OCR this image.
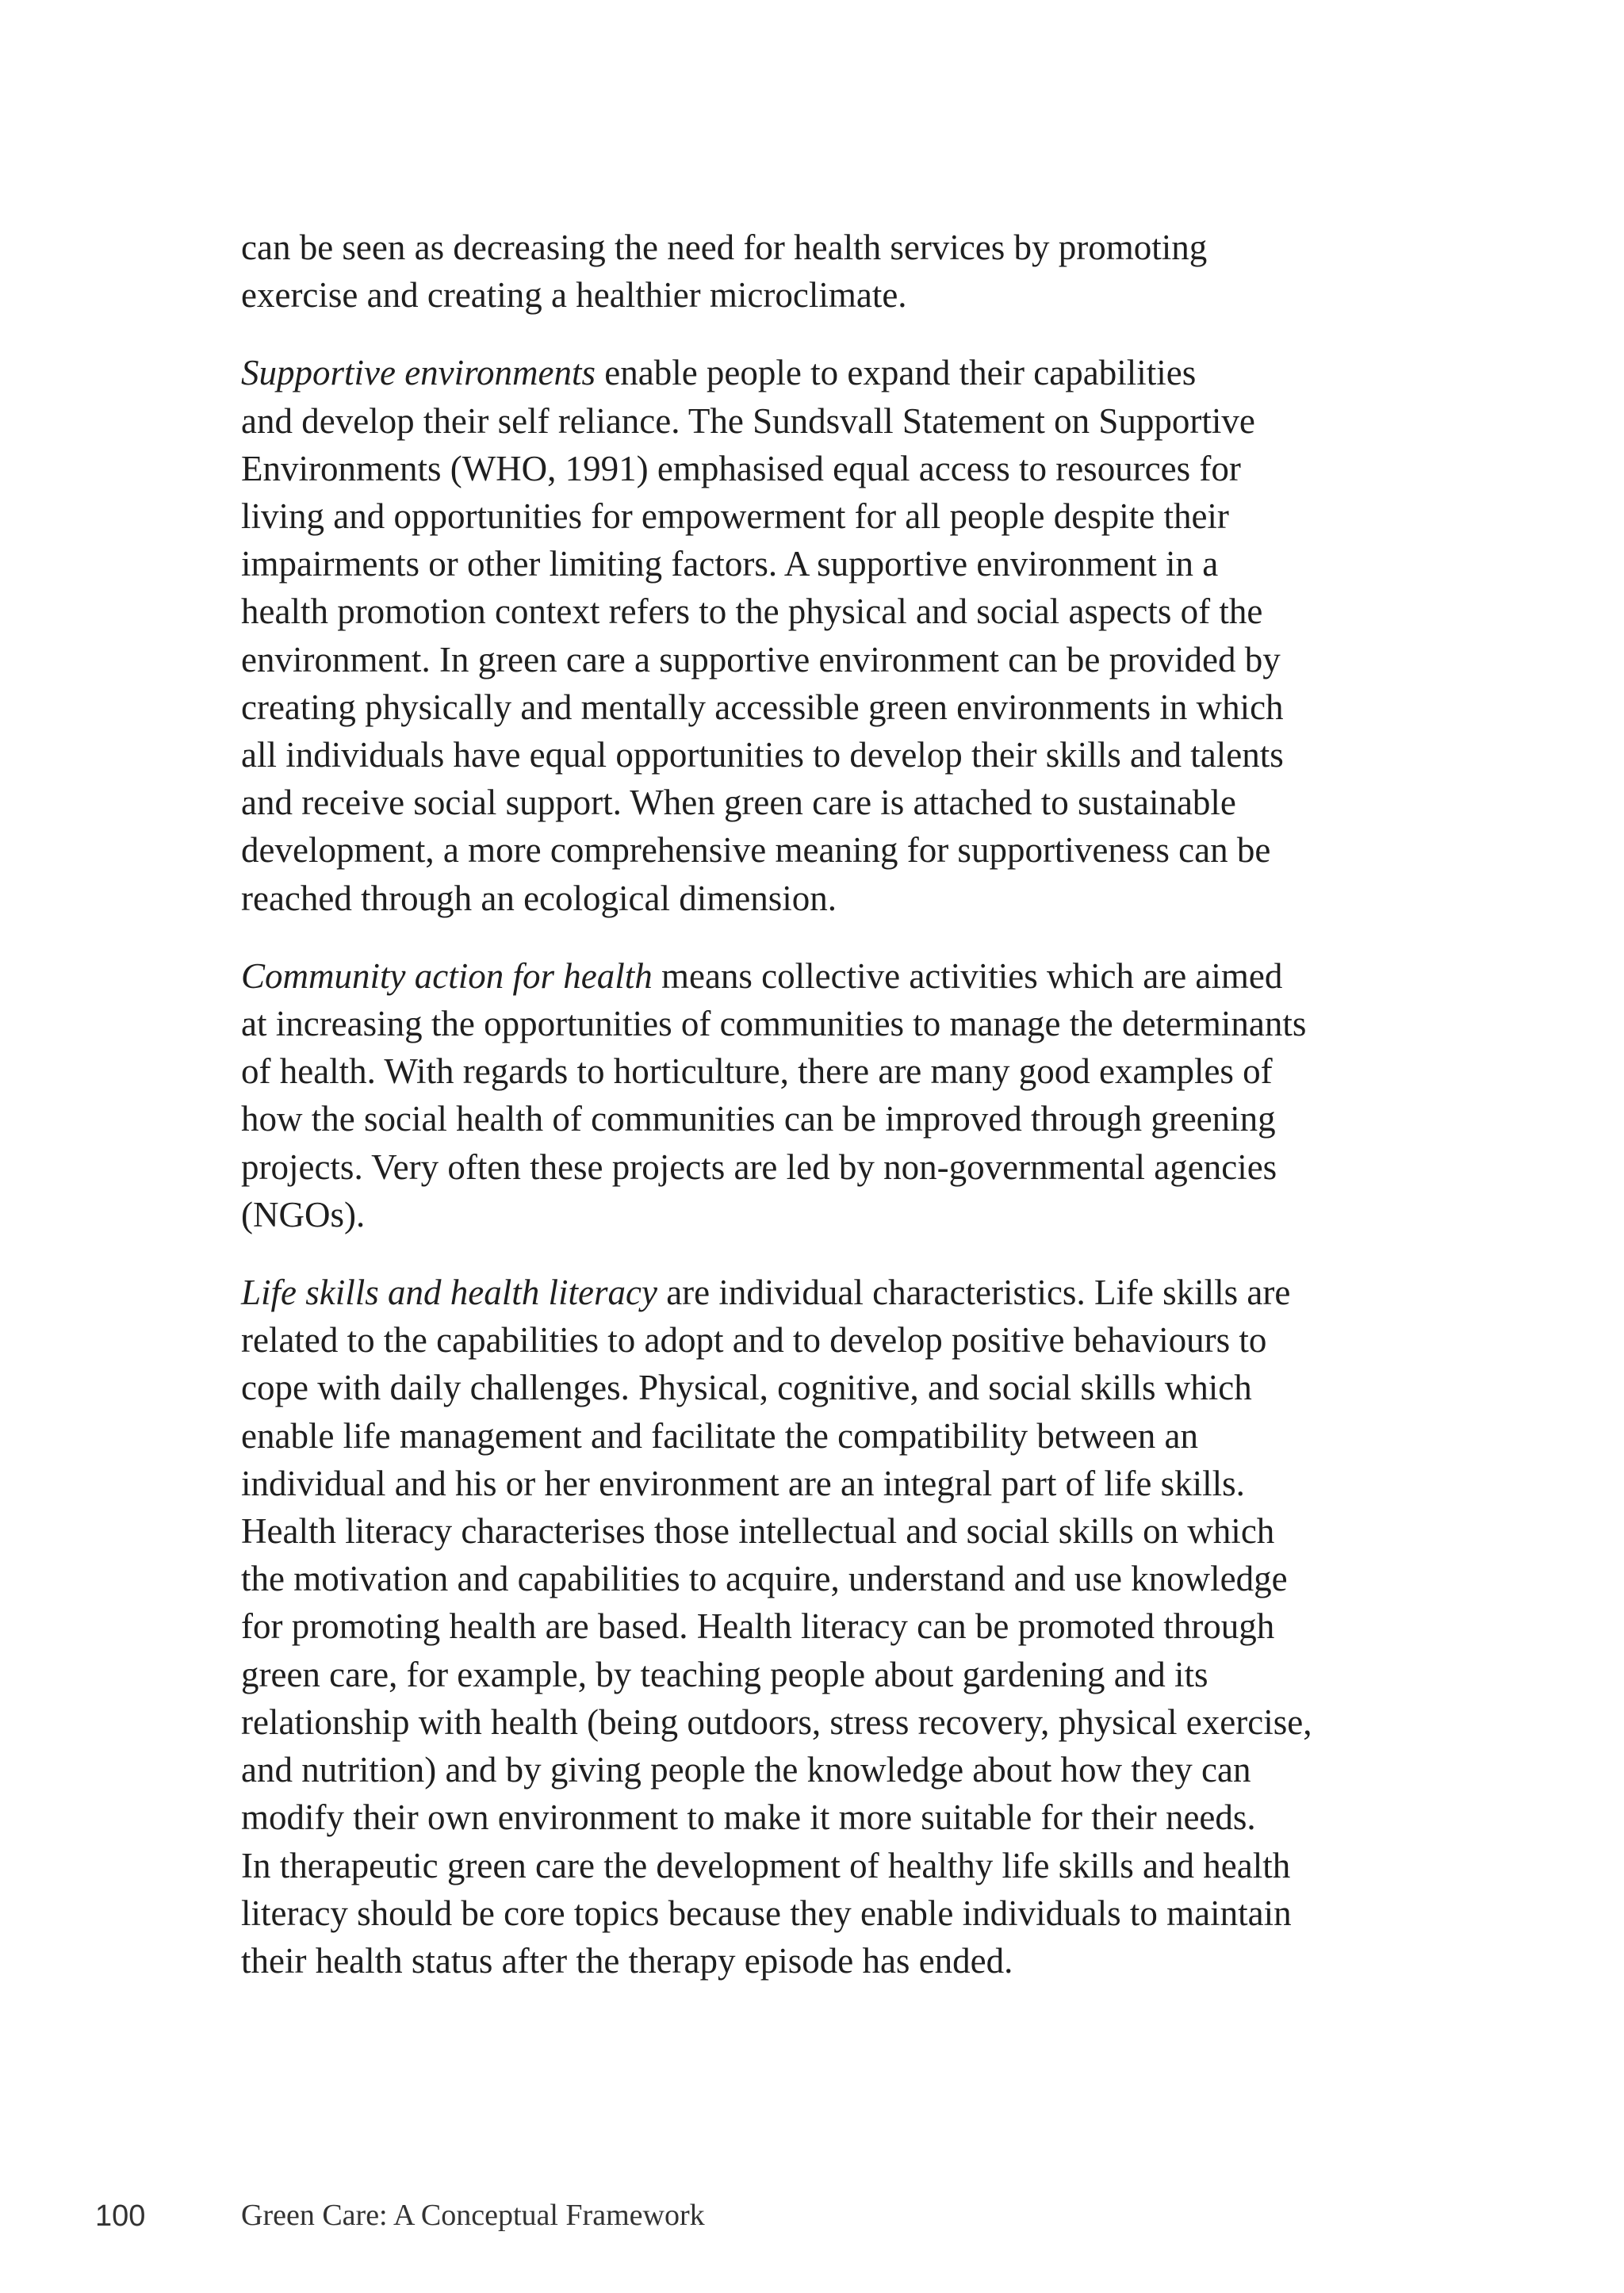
can be seen as decreasing the need for health services by promoting
exercise and creating a healthier microclimate.

Supportive environments enable people to expand their capabilities
and develop their self reliance. The Sundsvall Statement on Supportive
Environments (WHO, 1991) emphasised equal access to resources for
living and opportunities for empowerment for all people despite their
impairments or other limiting factors. A supportive environment in a
health promotion context refers to the physical and social aspects of the
environment. In green care a supportive environment can be provided by
creating physically and mentally accessible green environments in which
all individuals have equal opportunities to develop their skills and talents
and receive social support. When green care is attached to sustainable
development, a more comprehensive meaning for supportiveness can be
reached through an ecological dimension.

Community action for health means collective activities which are aimed
at increasing the opportunities of communities to manage the determinants
of health. With regards to horticulture, there are many good examples of
how the social health of communities can be improved through greening
projects. Very often these projects are led by non-governmental agencies
(NGOs).

Life skills and health literacy are individual characteristics. Life skills are
related to the capabilities to adopt and to develop positive behaviours to
cope with daily challenges. Physical, cognitive, and social skills which
enable life management and facilitate the compatibility between an
individual and his or her environment are an integral part of life skills.
Health literacy characterises those intellectual and social skills on which
the motivation and capabilities to acquire, understand and use knowledge
for promoting health are based. Health literacy can be promoted through
green care, for example, by teaching people about gardening and its
relationship with health (being outdoors, stress recovery, physical exercise,
and nutrition) and by giving people the knowledge about how they can
modify their own environment to make it more suitable for their needs.
In therapeutic green care the development of healthy life skills and health
literacy should be core topics because they enable individuals to maintain
their health status after the therapy episode has ended.

100	Green Care: A Conceptual Framework
